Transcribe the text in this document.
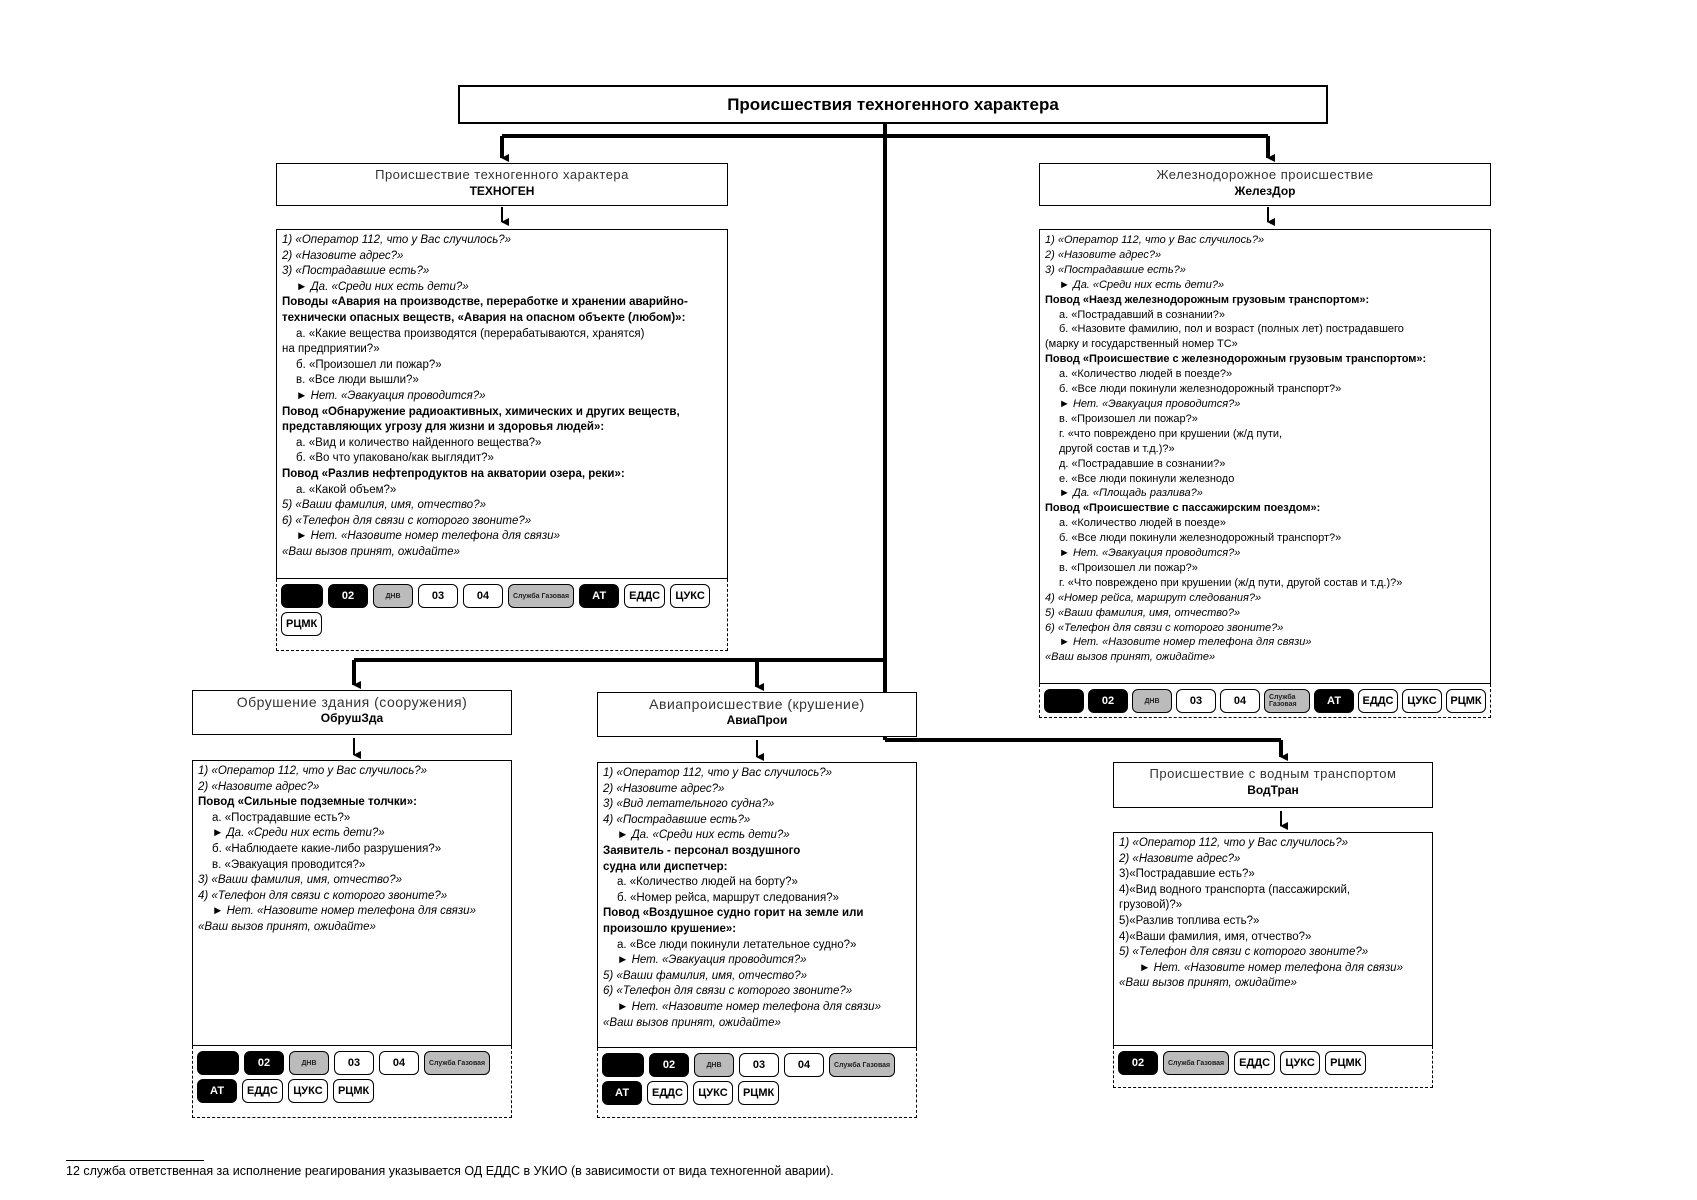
Происшествия техногенного характера
Происшествие техногенного характера
ТЕХНОГЕН
1) «Оператор 112, что у Вас случилось?»
2) «Назовите адрес?»
3) «Пострадавшие есть?»
► Да. «Среди них есть дети?»
Поводы «Авария на производстве, переработке и хранении аварийно-технически опасных веществ, «Авария на опасном объекте (любом)»:
а. «Какие вещества производятся (перерабатываются, хранятся)
на предприятии?»
б. «Произошел ли пожар?»
в. «Все люди вышли?»
► Нет. «Эвакуация проводится?»
Повод «Обнаружение радиоактивных, химических и других веществ, представляющих угрозу для жизни и здоровья людей»:
а. «Вид и количество найденного вещества?»
б. «Во что упаковано/как выглядит?»
Повод «Разлив нефтепродуктов на акватории озера, реки»:
а. «Какой объем?»
5) «Ваши фамилия, имя, отчество?»
6) «Телефон для связи с которого звоните?»
► Нет. «Назовите номер телефона для связи»
«Ваш вызов принят, ожидайте»
02	ДНВ	03	04	Служба Газовая	АТ	ЕДДС	ЦУКС
РЦМК
Железнодорожное происшествие
ЖелезДор
1) «Оператор 112, что у Вас случилось?»
2) «Назовите адрес?»
3) «Пострадавшие есть?»
► Да. «Среди них есть дети?»
Повод «Наезд железнодорожным грузовым транспортом»:
а. «Пострадавший в сознании?»
б. «Назовите фамилию, пол и возраст (полных лет) пострадавшего
(марку и государственный номер ТС»
Повод «Происшествие с железнодорожным грузовым транспортом»:
а. «Количество людей в поезде?»
б. «Все люди покинули железнодорожный транспорт?»
► Нет. «Эвакуация проводится?»
в. «Произошел ли пожар?»
г. «что повреждено при крушении (ж/д пути,
другой состав и т.д.)?»
д. «Пострадавшие в сознании?»
е. «Все люди покинули железнодо
► Да. «Площадь разлива?»
Повод «Происшествие с пассажирским поездом»:
а. «Количество людей в поезде»
б. «Все люди покинули железнодорожный транспорт?»
► Нет. «Эвакуация проводится?»
в. «Произошел ли пожар?»
г. «Что повреждено при крушении (ж/д пути, другой состав и т.д.)?»
4) «Номер рейса, маршрут следования?»
5) «Ваши фамилия, имя, отчество?»
6) «Телефон для связи с которого звоните?»
► Нет. «Назовите номер телефона для связи»
«Ваш вызов принят, ожидайте»
02	ДНВ	03	04	Служба Газовая	АТ	ЕДДС	ЦУКС	РЦМК
Обрушение здания (сооружения)
ОбрушЗда
1) «Оператор 112, что у Вас случилось?»
2) «Назовите адрес?»
Повод «Сильные подземные толчки»:
а. «Пострадавшие есть?»
► Да. «Среди них есть дети?»
б. «Наблюдаете какие-либо разрушения?»
в. «Эвакуация проводится?»
3) «Ваши фамилия, имя, отчество?»
4) «Телефон для связи с которого звоните?»
► Нет. «Назовите номер телефона для связи»
«Ваш вызов принят, ожидайте»
02	ДНВ	03	04	Служба Газовая
АТ	ЕДДС	ЦУКС	РЦМК
Авиапроисшествие (крушение)
АвиаПрои
1) «Оператор 112, что у Вас случилось?»
2) «Назовите адрес?»
3) «Вид летательного судна?»
4) «Пострадавшие есть?»
► Да. «Среди них есть дети?»
Заявитель - персонал воздушного
судна или диспетчер:
а. «Количество людей на борту?»
б. «Номер рейса, маршрут следования?»
Повод «Воздушное судно горит на земле или произошло крушение»:
а. «Все люди покинули летательное судно?»
► Нет. «Эвакуация проводится?»
5) «Ваши фамилия, имя, отчество?»
6) «Телефон для связи с которого звоните?»
► Нет. «Назовите номер телефона для связи»
«Ваш вызов принят, ожидайте»
02	ДНВ	03	04	Служба Газовая
АТ	ЕДДС	ЦУКС	РЦМК
Происшествие с водным транспортом
ВодТран
1) «Оператор 112, что у Вас случилось?»
2) «Назовите адрес?»
3)«Пострадавшие есть?»
4)«Вид водного транспорта (пассажирский,
грузовой)?»
5)«Разлив топлива есть?»
4)«Ваши фамилия, имя, отчество?»
5) «Телефон для связи с которого звоните?»
► Нет. «Назовите номер телефона для связи»
«Ваш вызов принят, ожидайте»
02	Служба Газовая	ЕДДС	ЦУКС	РЦМК
12 служба ответственная за исполнение реагирования указывается ОД ЕДДС в УКИО (в зависимости от вида техногенной аварии).
